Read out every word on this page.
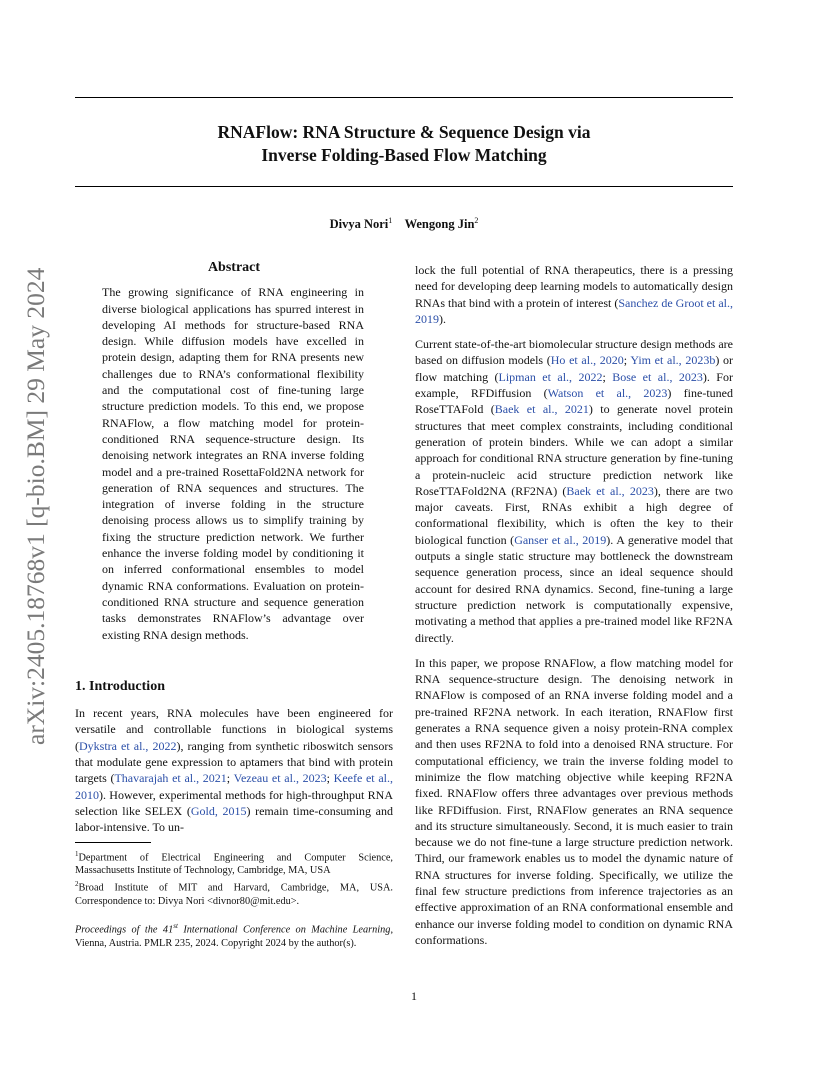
arXiv:2405.18768v1 [q-bio.BM] 29 May 2024
RNAFlow: RNA Structure & Sequence Design via
Inverse Folding-Based Flow Matching
Divya Nori$^1$ Wengong Jin$^2$
Abstract

The growing significance of RNA engineering in diverse biological applications has spurred interest in developing AI methods for structure-based RNA design. While diffusion models have excelled in protein design, adapting them for RNA presents new challenges due to RNA’s conformational flexibility and the computational cost of fine-tuning large structure prediction models. To this end, we propose RNAFlow, a flow matching model for protein-conditioned RNA sequence-structure design. Its denoising network integrates an RNA inverse folding model and a pre-trained RosettaFold2NA network for generation of RNA sequences and structures. The integration of inverse folding in the structure denoising process allows us to simplify training by fixing the structure prediction network. We further enhance the inverse folding model by conditioning it on inferred conformational ensembles to model dynamic RNA conformations. Evaluation on protein-conditioned RNA structure and sequence generation tasks demonstrates RNAFlow’s advantage over existing RNA design methods.

1. Introduction

In recent years, RNA molecules have been engineered for versatile and controllable functions in biological systems (Dykstra et al., 2022), ranging from synthetic riboswitch sensors that modulate gene expression to aptamers that bind with protein targets (Thavarajah et al., 2021; Vezeau et al., 2023; Keefe et al., 2010). However, experimental methods for high-throughput RNA selection like SELEX (Gold, 2015) remain time-consuming and labor-intensive. To un-

$^1$Department of Electrical Engineering and Computer Science, Massachusetts Institute of Technology, Cambridge, MA, USA

$^2$Broad Institute of MIT and Harvard, Cambridge, MA, USA. Correspondence to: Divya Nori <divnor80@mit.edu>.

Proceedings of the 41st International Conference on Machine Learning, Vienna, Austria. PMLR 235, 2024. Copyright 2024 by the author(s).

lock the full potential of RNA therapeutics, there is a pressing need for developing deep learning models to automatically design RNAs that bind with a protein of interest (Sanchez de Groot et al., 2019).

Current state-of-the-art biomolecular structure design methods are based on diffusion models (Ho et al., 2020; Yim et al., 2023b) or flow matching (Lipman et al., 2022; Bose et al., 2023). For example, RFDiffusion (Watson et al., 2023) fine-tuned RoseTTAFold (Baek et al., 2021) to generate novel protein structures that meet complex constraints, including conditional generation of protein binders. While we can adopt a similar approach for conditional RNA structure generation by fine-tuning a protein-nucleic acid structure prediction network like RoseTTAFold2NA (RF2NA) (Baek et al., 2023), there are two major caveats. First, RNAs exhibit a high degree of conformational flexibility, which is often the key to their biological function (Ganser et al., 2019). A generative model that outputs a single static structure may bottleneck the downstream sequence generation process, since an ideal sequence should account for desired RNA dynamics. Second, fine-tuning a large structure prediction network is computationally expensive, motivating a method that applies a pre-trained model like RF2NA directly.

In this paper, we propose RNAFlow, a flow matching model for RNA sequence-structure design. The denoising network in RNAFlow is composed of an RNA inverse folding model and a pre-trained RF2NA network. In each iteration, RNAFlow first generates a RNA sequence given a noisy protein-RNA complex and then uses RF2NA to fold into a denoised RNA structure. For computational efficiency, we train the inverse folding model to minimize the flow matching objective while keeping RF2NA fixed. RNAFlow offers three advantages over previous methods like RFDiffusion. First, RNAFlow generates an RNA sequence and its structure simultaneously. Second, it is much easier to train because we do not fine-tune a large structure prediction network. Third, our framework enables us to model the dynamic nature of RNA structures for inverse folding. Specifically, we utilize the final few structure predictions from inference trajectories as an effective approximation of an RNA conformational ensemble and enhance our inverse folding model to condition on dynamic RNA conformations.

1
